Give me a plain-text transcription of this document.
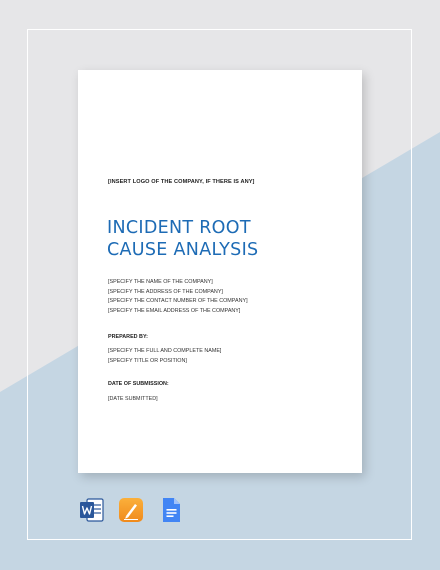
[INSERT LOGO OF THE COMPANY, IF THERE IS ANY]
INCIDENT ROOT
CAUSE ANALYSIS
[SPECIFY THE NAME OF THE COMPANY]
[SPECIFY THE ADDRESS OF THE COMPANY]
[SPECIFY THE CONTACT NUMBER OF THE COMPANY]
[SPECIFY THE EMAIL ADDRESS OF THE COMPANY]
PREPARED BY:
[SPECIFY THE FULL AND COMPLETE NAME]
[SPECIFY TITLE OR POSITION]
DATE OF SUBMISSION:
[DATE SUBMITTED]
